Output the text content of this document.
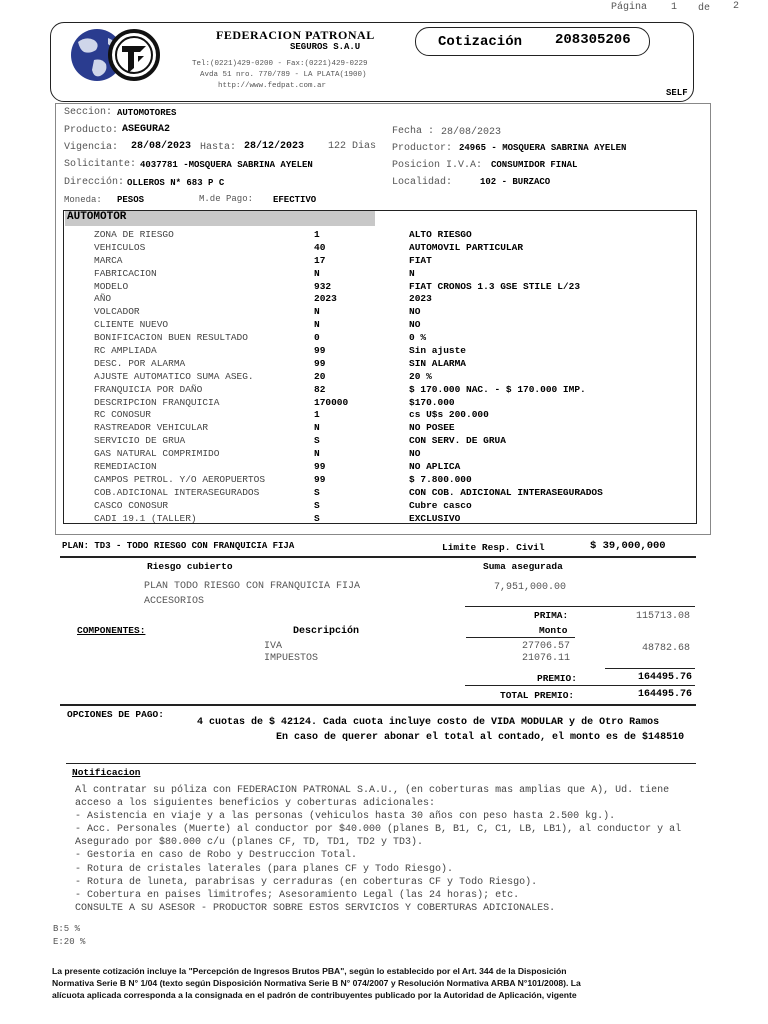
Página 1 de 2
FEDERACION PATRONAL
SEGUROS S.A.U
Tel:(0221)429-0200 - Fax:(0221)429-0229
Avda 51 nro. 770/789 - LA PLATA(1900)
http://www.fedpat.com.ar
Cotización 208305206
SELF
Seccion: AUTOMOTORES
Producto: ASEGURA2	Fecha : 28/08/2023
Vigencia: 28/08/2023 Hasta: 28/12/2023 122 Dias Productor: 24965 - MOSQUERA SABRINA AYELEN
Solicitante: 4037781 -MOSQUERA SABRINA AYELEN	Posicion I.V.A: CONSUMIDOR FINAL
Dirección: OLLEROS N* 683 P C	Localidad:	102 - BURZACO
Moneda: PESOS	M.de Pago: EFECTIVO
AUTOMOTOR
ZONA DE RIESGO	1	ALTO RIESGO
VEHICULOS	40	AUTOMOVIL PARTICULAR
MARCA	17	FIAT
FABRICACION	N	N
MODELO	932	FIAT CRONOS 1.3 GSE STILE L/23
AÑO	2023	2023
VOLCADOR	N	NO
CLIENTE NUEVO	N	NO
BONIFICACION BUEN RESULTADO	0	0 %
RC AMPLIADA	99	Sin ajuste
DESC. POR ALARMA	99	SIN ALARMA
AJUSTE AUTOMATICO SUMA ASEG.	20	20 %
FRANQUICIA POR DAÑO	82	$ 170.000 NAC. - $ 170.000 IMP.
DESCRIPCION FRANQUICIA	170000	$170.000
RC CONOSUR	1	cs U$s 200.000
RASTREADOR VEHICULAR	N	NO POSEE
SERVICIO DE GRUA	S	CON SERV. DE GRUA
GAS NATURAL COMPRIMIDO	N	NO
REMEDIACION	99	NO APLICA
CAMPOS PETROL. Y/O AEROPUERTOS	99	$ 7.800.000
COB.ADICIONAL INTERASEGURADOS	S	CON COB. ADICIONAL INTERASEGURADOS
CASCO CONOSUR	S	Cubre casco
CADI 19.1 (TALLER)	S	EXCLUSIVO
PLAN: TD3 - TODO RIESGO CON FRANQUICIA FIJA	Limite Resp. Civil	$ 39,000,000
Riesgo cubierto	Suma asegurada
PLAN TODO RIESGO CON FRANQUICIA FIJA	7,951,000.00
ACCESORIOS
PRIMA:	115713.08
Monto
COMPONENTES:	Descripción
IVA	27706.57	48782.68
IMPUESTOS	21076.11
PREMIO:	164495.76
TOTAL PREMIO:	164495.76
OPCIONES DE PAGO:
4 cuotas de $ 42124. Cada cuota incluye costo de VIDA MODULAR y de Otro Ramos
En caso de querer abonar el total al contado, el monto es de $148510
Notificacion
Al contratar su póliza con FEDERACION PATRONAL S.A.U., (en coberturas mas amplias que A), Ud. tiene
acceso a los siguientes beneficios y coberturas adicionales:
- Asistencia en viaje y a las personas (vehiculos hasta 30 años con peso hasta 2.500 kg.).
- Acc. Personales (Muerte) al conductor por $40.000 (planes B, B1, C, C1, LB, LB1), al conductor y al
Asegurado por $80.000 c/u (planes CF, TD, TD1, TD2 y TD3).
- Gestoria en caso de Robo y Destruccion Total.
- Rotura de cristales laterales (para planes CF y Todo Riesgo).
- Rotura de luneta, parabrisas y cerraduras (en coberturas CF y Todo Riesgo).
- Cobertura en paises limitrofes; Asesoramiento Legal (las 24 horas); etc.
CONSULTE A SU ASESOR - PRODUCTOR SOBRE ESTOS SERVICIOS Y COBERTURAS ADICIONALES.
B:5 %
E:20 %
La presente cotización incluye la "Percepción de Ingresos Brutos PBA", según lo establecido por el Art. 344 de la Disposición
Normativa Serie B N° 1/04 (texto según Disposición Normativa Serie B N° 074/2007 y Resolución Normativa ARBA N°101/2008). La
alícuota aplicada corresponda a la consignada en el padrón de contribuyentes publicado por la Autoridad de Aplicación, vigente
